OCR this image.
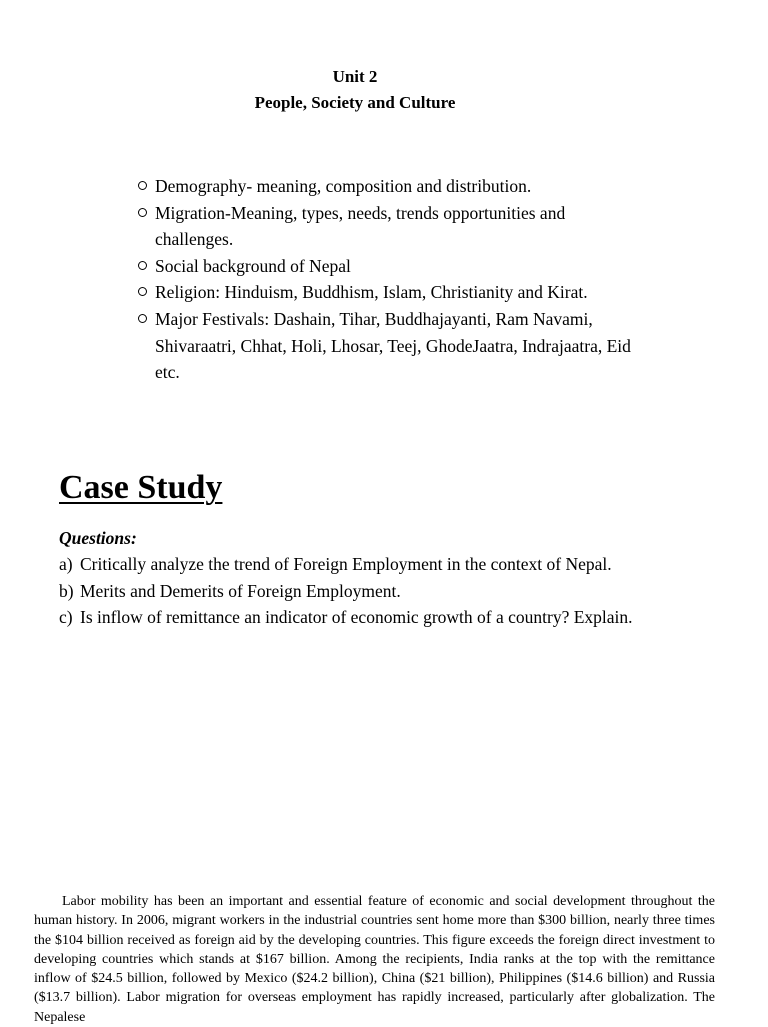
Unit 2
People, Society and Culture
Demography- meaning, composition and distribution.
Migration-Meaning, types, needs, trends opportunities and challenges.
Social background of Nepal
Religion: Hinduism, Buddhism, Islam, Christianity and Kirat.
Major Festivals: Dashain, Tihar, Buddhajayanti, Ram Navami, Shivaraatri, Chhat, Holi, Lhosar, Teej, GhodeJaatra, Indrajaatra, Eid etc.
Case Study
Questions:
a) Critically analyze the trend of Foreign Employment in the context of Nepal.
b) Merits and Demerits of Foreign Employment.
c) Is inflow of remittance an indicator of economic growth of a country? Explain.

Labor mobility has been an important and essential feature of economic and social development throughout the human history. In 2006, migrant workers in the industrial countries sent home more than $300 billion, nearly three times the $104 billion received as foreign aid by the developing countries. This figure exceeds the foreign direct investment to developing countries which stands at $167 billion. Among the recipients, India ranks at the top with the remittance inflow of $24.5 billion, followed by Mexico ($24.2 billion), China ($21 billion), Philippines ($14.6 billion) and Russia ($13.7 billion). Labor migration for overseas employment has rapidly increased, particularly after globalization. The Nepalese
